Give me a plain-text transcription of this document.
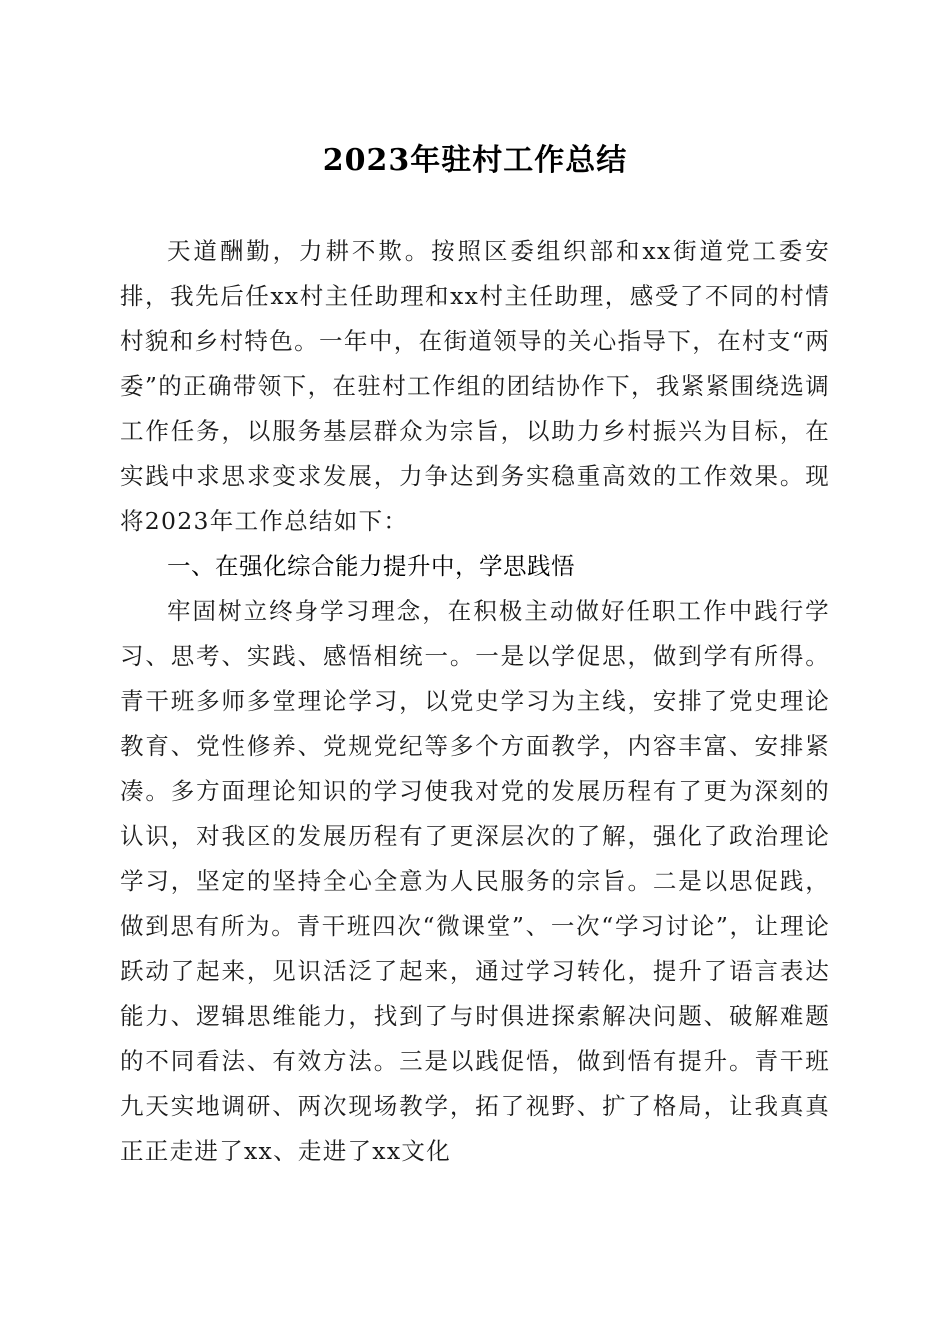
2023年驻村工作总结

天道酬勤，力耕不欺。按照区委组织部和xx街道党工委安排，我先后任xx村主任助理和xx村主任助理，感受了不同的村情村貌和乡村特色。一年中，在街道领导的关心指导下，在村支“两委”的正确带领下，在驻村工作组的团结协作下，我紧紧围绕选调工作任务，以服务基层群众为宗旨，以助力乡村振兴为目标，在实践中求思求变求发展，力争达到务实稳重高效的工作效果。现将2023年工作总结如下：

一、在强化综合能力提升中，学思践悟

牢固树立终身学习理念，在积极主动做好任职工作中践行学习、思考、实践、感悟相统一。一是以学促思，做到学有所得。青干班多师多堂理论学习，以党史学习为主线，安排了党史理论教育、党性修养、党规党纪等多个方面教学，内容丰富、安排紧凑。多方面理论知识的学习使我对党的发展历程有了更为深刻的认识，对我区的发展历程有了更深层次的了解，强化了政治理论学习，坚定的坚持全心全意为人民服务的宗旨。二是以思促践，做到思有所为。青干班四次“微课堂”、一次“学习讨论”，让理论跃动了起来，见识活泛了起来，通过学习转化，提升了语言表达能力、逻辑思维能力，找到了与时俱进探索解决问题、破解难题的不同看法、有效方法。三是以践促悟，做到悟有提升。青干班九天实地调研、两次现场教学，拓了视野、扩了格局，让我真真正正走进了xx、走进了xx文化
